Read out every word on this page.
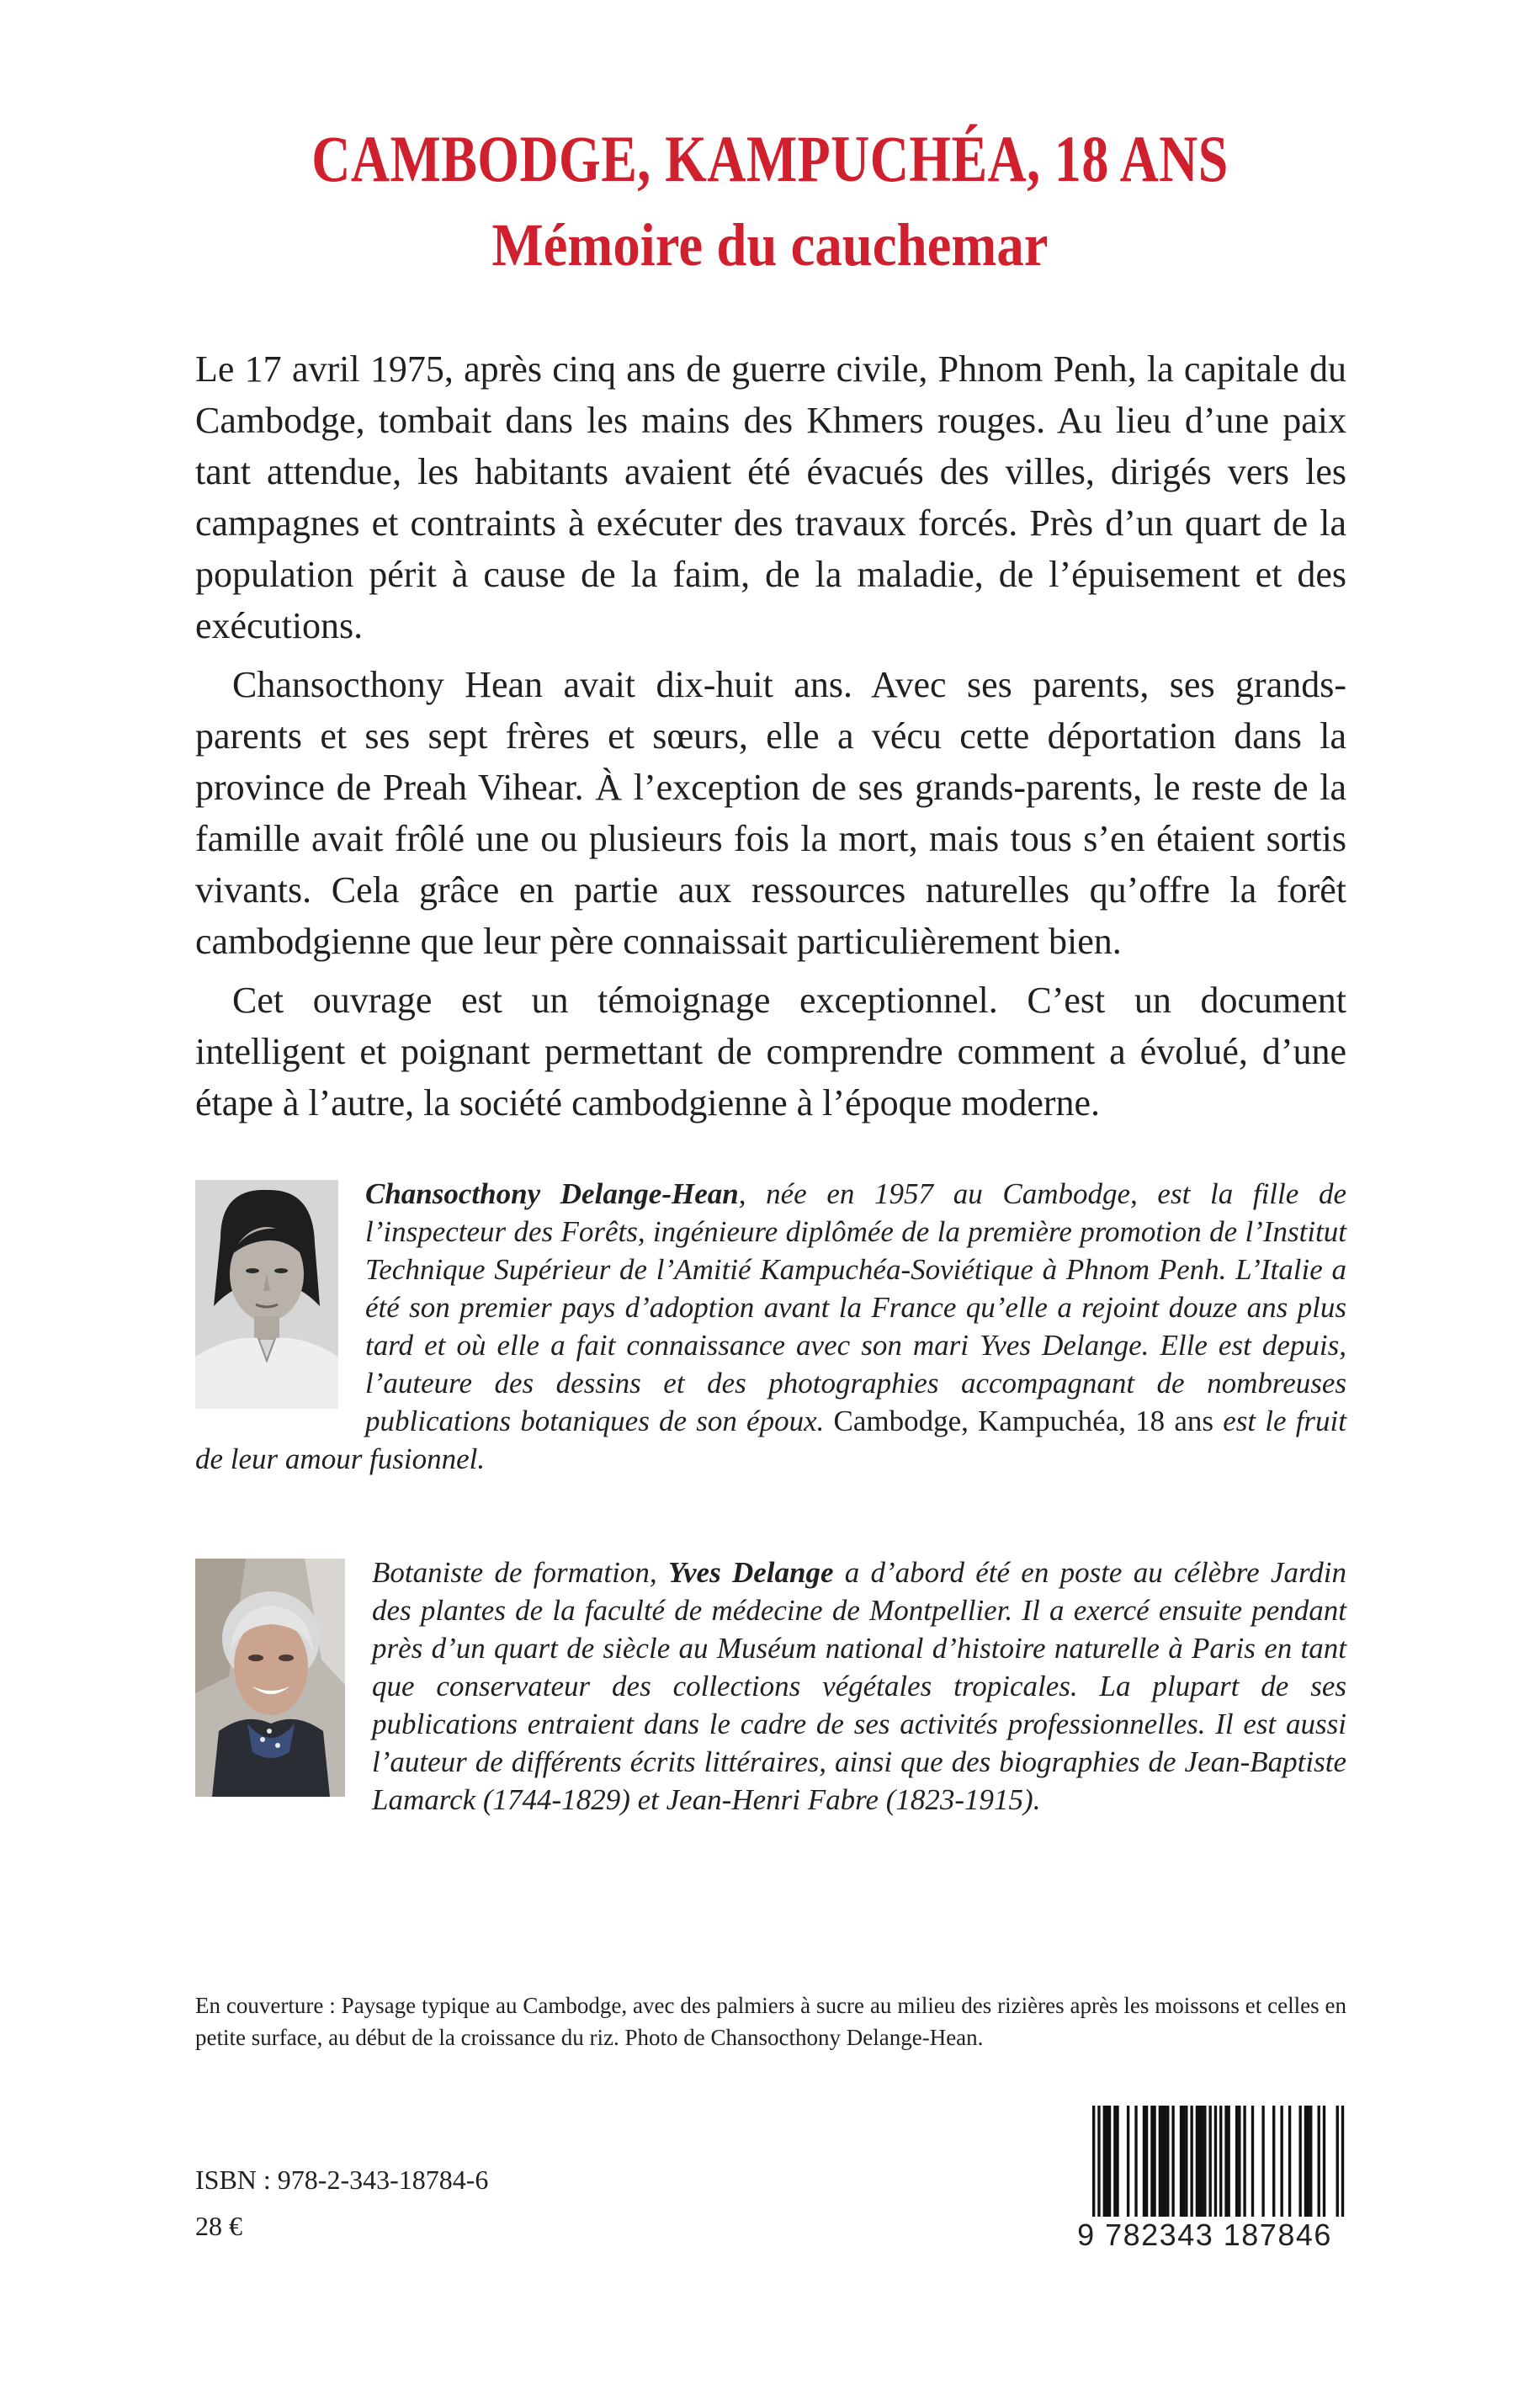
CAMBODGE, KAMPUCHÉA, 18 ANS
Mémoire du cauchemar

Le 17 avril 1975, après cinq ans de guerre civile, Phnom Penh, la capitale du Cambodge, tombait dans les mains des Khmers rouges. Au lieu d’une paix tant attendue, les habitants avaient été évacués des villes, dirigés vers les campagnes et contraints à exécuter des travaux forcés. Près d’un quart de la population périt à cause de la faim, de la maladie, de l’épuisement et des exécutions.

Chansocthony Hean avait dix-huit ans. Avec ses parents, ses grands-parents et ses sept frères et sœurs, elle a vécu cette déportation dans la province de Preah Vihear. À l’exception de ses grands-parents, le reste de la famille avait frôlé une ou plusieurs fois la mort, mais tous s’en étaient sortis vivants. Cela grâce en partie aux ressources naturelles qu’offre la forêt cambodgienne que leur père connaissait particulièrement bien.

Cet ouvrage est un témoignage exceptionnel. C’est un document intelligent et poignant permettant de comprendre comment a évolué, d’une étape à l’autre, la société cambodgienne à l’époque moderne.

Chansocthony Delange-Hean, née en 1957 au Cambodge, est la fille de l’inspecteur des Forêts, ingénieure diplômée de la première promotion de l’Institut Technique Supérieur de l’Amitié Kampuchéa-Soviétique à Phnom Penh. L’Italie a été son premier pays d’adoption avant la France qu’elle a rejoint douze ans plus tard et où elle a fait connaissance avec son mari Yves Delange. Elle est depuis, l’auteure des dessins et des photographies accompagnant de nombreuses publications botaniques de son époux. Cambodge, Kampuchéa, 18 ans est le fruit de leur amour fusionnel.
Botaniste de formation, Yves Delange a d’abord été en poste au célèbre Jardin des plantes de la faculté de médecine de Montpellier. Il a exercé ensuite pendant près d’un quart de siècle au Muséum national d’histoire naturelle à Paris en tant que conservateur des collections végétales tropicales. La plupart de ses publications entraient dans le cadre de ses activités professionnelles. Il est aussi l’auteur de différents écrits littéraires, ainsi que des biographies de Jean-Baptiste Lamarck (1744-1829) et Jean-Henri Fabre (1823-1915).

En couverture : Paysage typique au Cambodge, avec des palmiers à sucre au milieu des rizières après les moissons et celles en petite surface, au début de la croissance du riz. Photo de Chansocthony Delange-Hean.

ISBN : 978-2-343-18784-6

28 €	9 782343 187846
